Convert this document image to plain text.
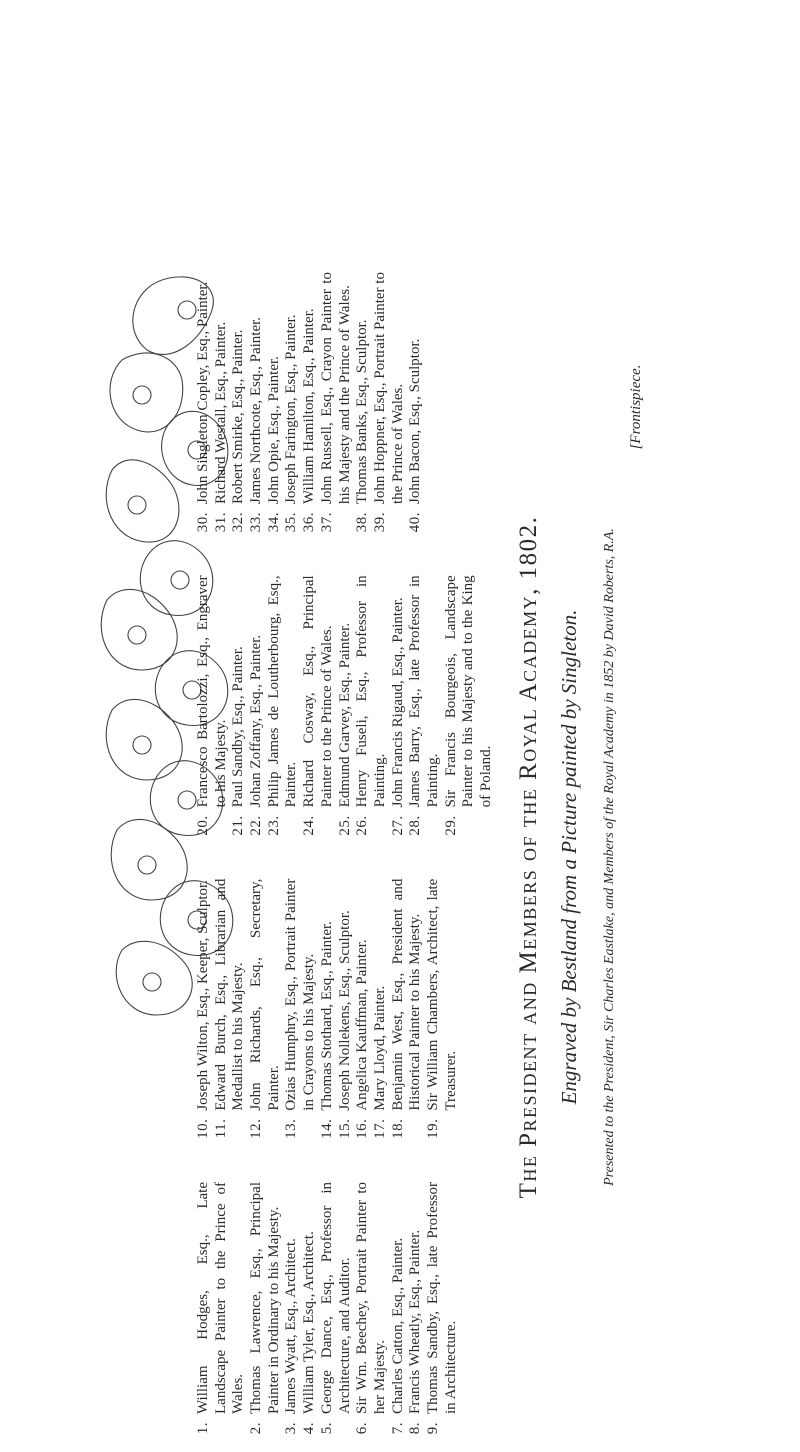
1.
William Hodges, Esq., Late Landscape Painter to the Prince of Wales.
2.
Thomas Lawrence, Esq., Principal Painter in Ordinary to his Majesty.
3.
James Wyatt, Esq., Architect.
4.
William Tyler, Esq., Architect.
5.
George Dance, Esq., Professor in Architecture, and Auditor.
6.
Sir Wm. Beechey, Portrait Painter to her Majesty.
7.
Charles Catton, Esq., Painter.
8.
Francis Wheatly, Esq., Painter.
9.
Thomas Sandby, Esq., late Professor in Architecture.
10.
Joseph Wilton, Esq., Keeper, Sculptor.
11.
Edward Burch, Esq., Librarian and Medallist to his Majesty.
12.
John Richards, Esq., Secretary, Painter.
13.
Ozias Humphry, Esq., Portrait Painter in Crayons to his Majesty.
14.
Thomas Stothard, Esq., Painter.
15.
Joseph Nollekens, Esq., Sculptor.
16.
Angelica Kauffman, Painter.
17.
Mary Lloyd, Painter.
18.
Benjamin West, Esq., President and Historical Painter to his Majesty.
19.
Sir William Chambers, Architect, late Treasurer.
20.
Francesco Bartolozzi, Esq., Engraver to his Majesty.
21.
Paul Sandby, Esq., Painter.
22.
Johan Zoffany, Esq., Painter.
23.
Philip James de Loutherbourg, Esq., Painter.
24.
Richard Cosway, Esq., Principal Painter to the Prince of Wales.
25.
Edmund Garvey, Esq., Painter.
26.
Henry Fuseli, Esq., Professor in Painting.
27.
John Francis Rigaud, Esq., Painter.
28.
James Barry, Esq., late Professor in Painting.
29.
Sir Francis Bourgeois, Landscape Painter to his Majesty and to the King of Poland.
30.
John Singleton Copley, Esq., Painter.
31.
Richard Westall, Esq., Painter.
32.
Robert Smirke, Esq., Painter.
33.
James Northcote, Esq., Painter.
34.
John Opie, Esq., Painter.
35.
Joseph Farington, Esq., Painter.
36.
William Hamilton, Esq., Painter.
37.
John Russell, Esq., Crayon Painter to his Majesty and the Prince of Wales.
38.
Thomas Banks, Esq., Sculptor.
39.
John Hoppner, Esq., Portrait Painter to the Prince of Wales.
40.
John Bacon, Esq., Sculptor.
The President and Members of the Royal Academy, 1802. Engraved by Bestland from a Picture painted by Singleton. Presented to the President, Sir Charles Eastlake, and Members of the Royal Academy in 1852 by David Roberts, R.A.
[Frontispiece.
